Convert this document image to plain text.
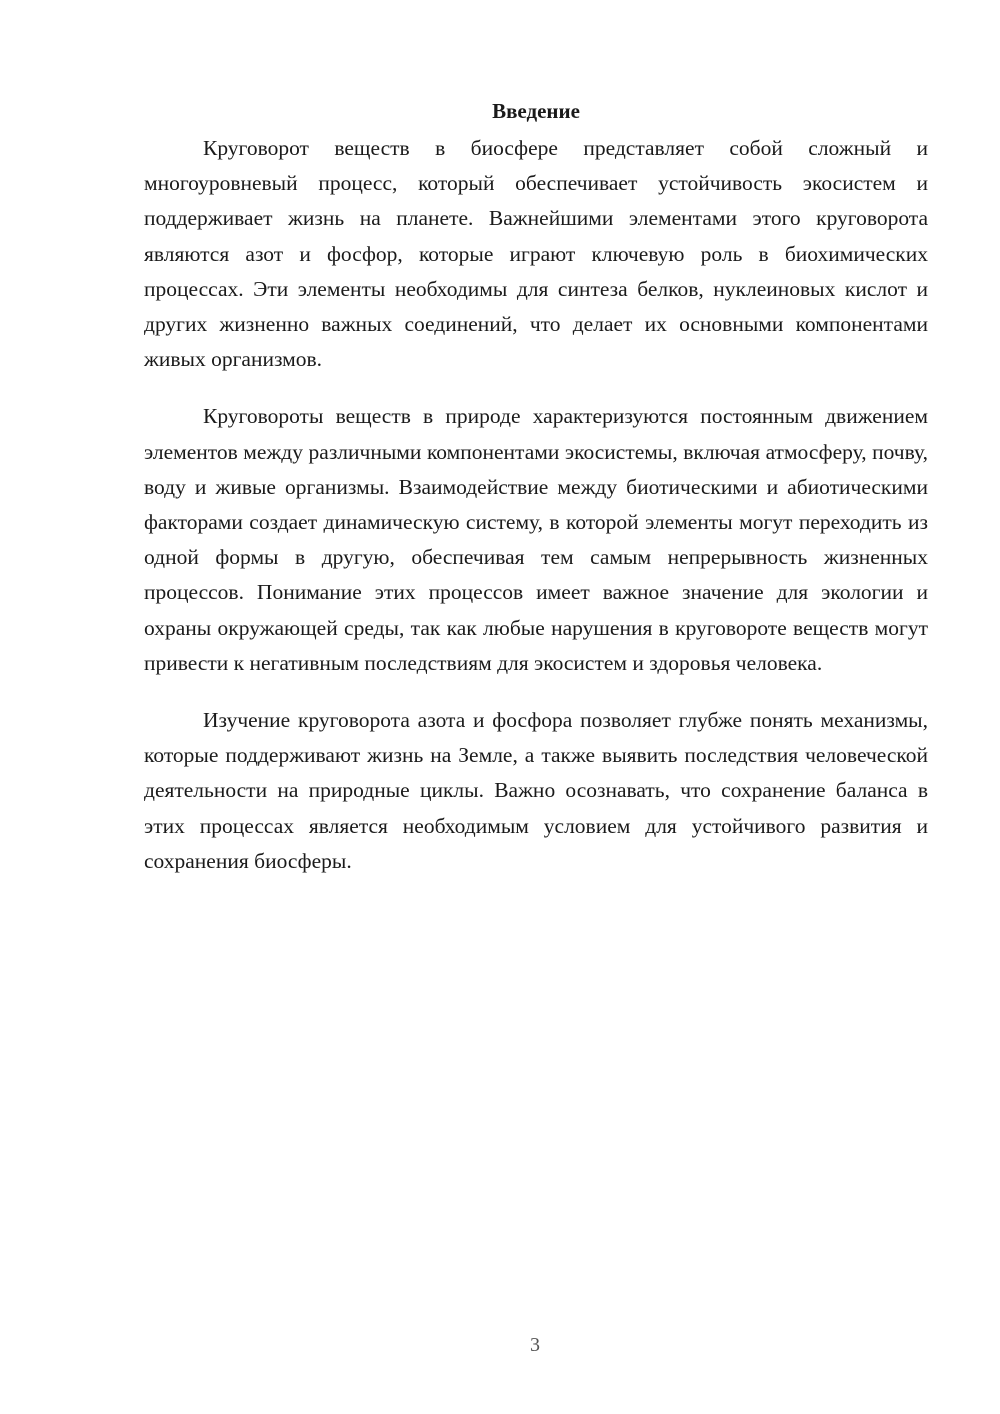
Введение

Круговорот веществ в биосфере представляет собой сложный и многоуровневый процесс, который обеспечивает устойчивость экосистем и поддерживает жизнь на планете. Важнейшими элементами этого круговорота являются азот и фосфор, которые играют ключевую роль в биохимических процессах. Эти элементы необходимы для синтеза белков, нуклеиновых кислот и других жизненно важных соединений, что делает их основными компонентами живых организмов.

Круговороты веществ в природе характеризуются постоянным движением элементов между различными компонентами экосистемы, включая атмосферу, почву, воду и живые организмы. Взаимодействие между биотическими и абиотическими факторами создает динамическую систему, в которой элементы могут переходить из одной формы в другую, обеспечивая тем самым непрерывность жизненных процессов. Понимание этих процессов имеет важное значение для экологии и охраны окружающей среды, так как любые нарушения в круговороте веществ могут привести к негативным последствиям для экосистем и здоровья человека.

Изучение круговорота азота и фосфора позволяет глубже понять механизмы, которые поддерживают жизнь на Земле, а также выявить последствия человеческой деятельности на природные циклы. Важно осознавать, что сохранение баланса в этих процессах является необходимым условием для устойчивого развития и сохранения биосферы.

3
